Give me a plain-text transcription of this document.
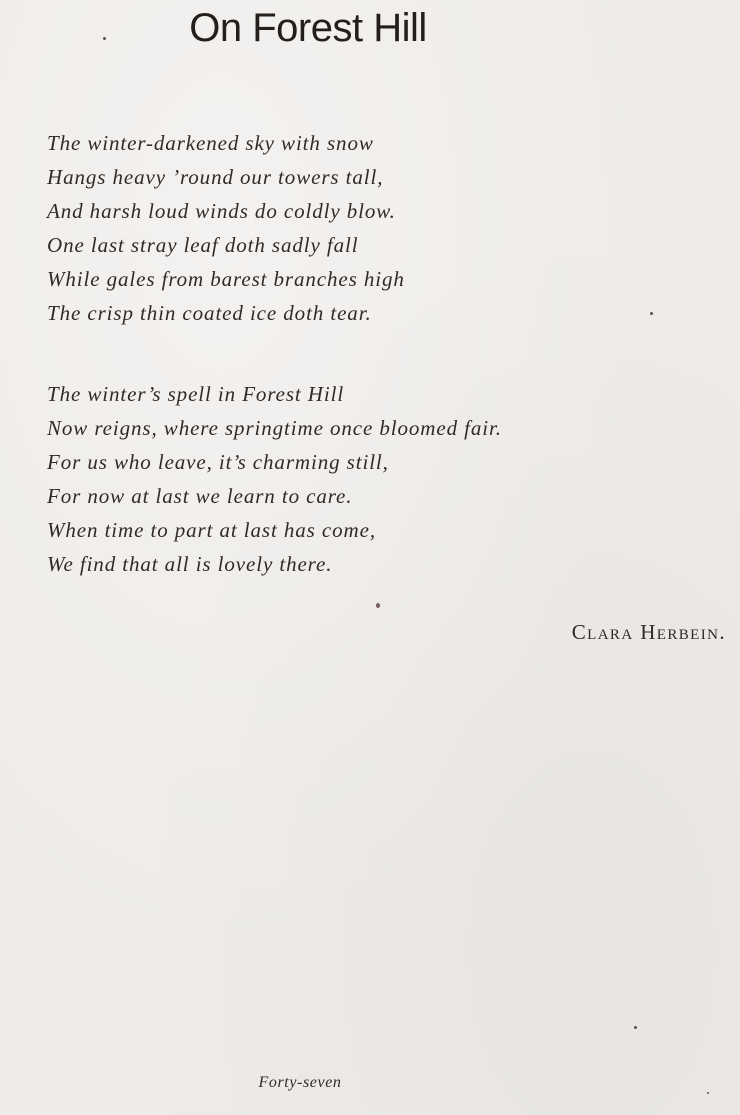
On Forest Hill
The winter-darkened sky with snow
Hangs heavy ’round our towers tall,
And harsh loud winds do coldly blow.
One last stray leaf doth sadly fall
While gales from barest branches high
The crisp thin coated ice doth tear.
The winter’s spell in Forest Hill
Now reigns, where springtime once bloomed fair.
For us who leave, it’s charming still,
For now at last we learn to care.
When time to part at last has come,
We find that all is lovely there.
Clara Herbein.
Forty-seven
